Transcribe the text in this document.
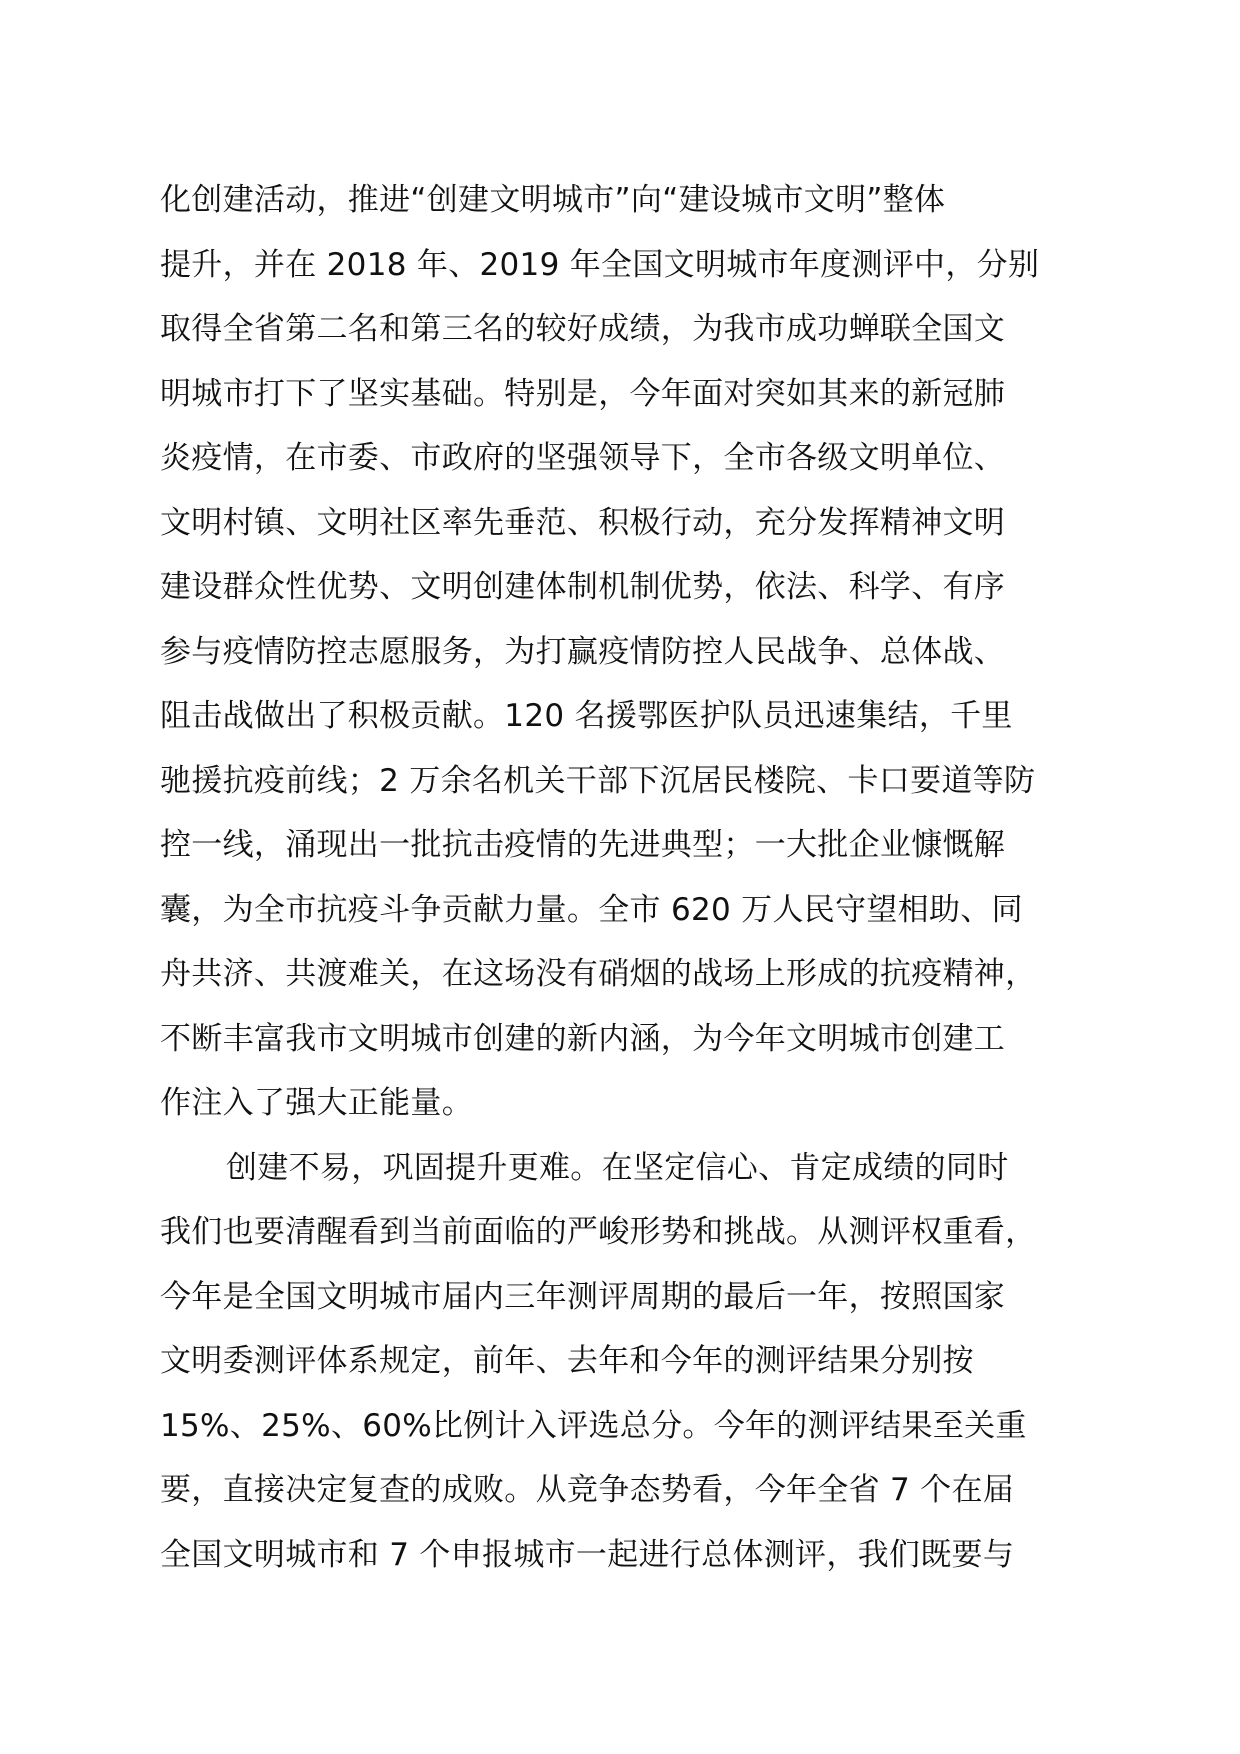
化创建活动，推进“创建文明城市”向“建设城市文明”整体
提升，并在 2018 年、2019 年全国文明城市年度测评中，分别
取得全省第二名和第三名的较好成绩，为我市成功蝉联全国文
明城市打下了坚实基础。特别是，今年面对突如其来的新冠肺
炎疫情，在市委、市政府的坚强领导下，全市各级文明单位、
文明村镇、文明社区率先垂范、积极行动，充分发挥精神文明
建设群众性优势、文明创建体制机制优势，依法、科学、有序
参与疫情防控志愿服务，为打赢疫情防控人民战争、总体战、
阻击战做出了积极贡献。120 名援鄂医护队员迅速集结，千里
驰援抗疫前线；2 万余名机关干部下沉居民楼院、卡口要道等防
控一线，涌现出一批抗击疫情的先进典型；一大批企业慷慨解
囊，为全市抗疫斗争贡献力量。全市 620 万人民守望相助、同
舟共济、共渡难关，在这场没有硝烟的战场上形成的抗疫精神，
不断丰富我市文明城市创建的新内涵，为今年文明城市创建工
作注入了强大正能量。
创建不易，巩固提升更难。在坚定信心、肯定成绩的同时
我们也要清醒看到当前面临的严峻形势和挑战。从测评权重看，
今年是全国文明城市届内三年测评周期的最后一年，按照国家
文明委测评体系规定，前年、去年和今年的测评结果分别按
15%、25%、60%比例计入评选总分。今年的测评结果至关重
要，直接决定复查的成败。从竞争态势看，今年全省 7 个在届
全国文明城市和 7 个申报城市一起进行总体测评，我们既要与
